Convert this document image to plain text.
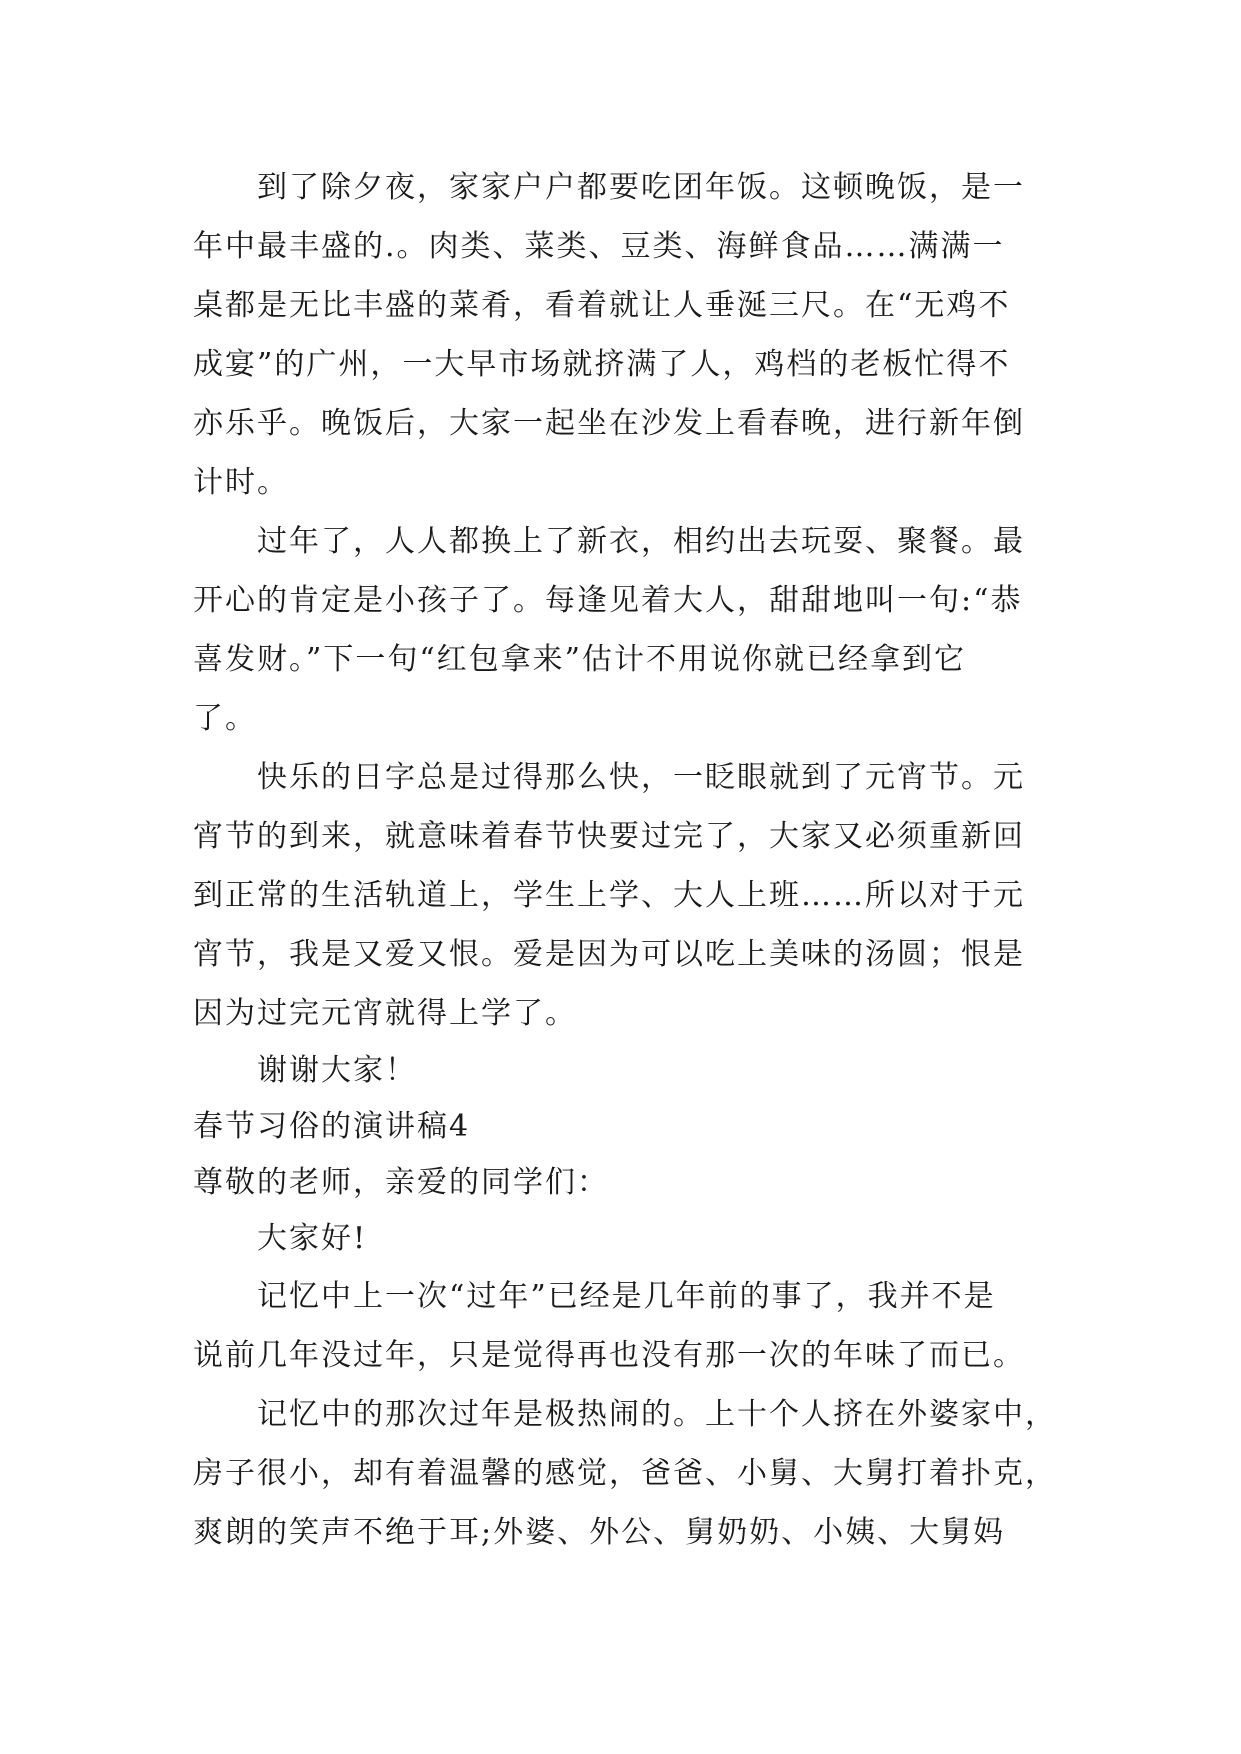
到了除夕夜，家家户户都要吃团年饭。这顿晚饭，是一
年中最丰盛的.。肉类、菜类、豆类、海鲜食品……满满一
桌都是无比丰盛的菜肴，看着就让人垂涎三尺。在“无鸡不
成宴”的广州，一大早市场就挤满了人，鸡档的老板忙得不
亦乐乎。晚饭后，大家一起坐在沙发上看春晚，进行新年倒
计时。
过年了，人人都换上了新衣，相约出去玩耍、聚餐。最
开心的肯定是小孩子了。每逢见着大人，甜甜地叫一句:“恭
喜发财。”下一句“红包拿来”估计不用说你就已经拿到它
了。
快乐的日字总是过得那么快，一眨眼就到了元宵节。元
宵节的到来，就意味着春节快要过完了，大家又必须重新回
到正常的生活轨道上，学生上学、大人上班……所以对于元
宵节，我是又爱又恨。爱是因为可以吃上美味的汤圆；恨是
因为过完元宵就得上学了。
谢谢大家！
春节习俗的演讲稿4
尊敬的老师，亲爱的同学们：
大家好!
记忆中上一次“过年”已经是几年前的事了，我并不是
说前几年没过年，只是觉得再也没有那一次的年味了而已。
记忆中的那次过年是极热闹的。上十个人挤在外婆家中，
房子很小，却有着温馨的感觉，爸爸、小舅、大舅打着扑克，
爽朗的笑声不绝于耳;外婆、外公、舅奶奶、小姨、大舅妈
